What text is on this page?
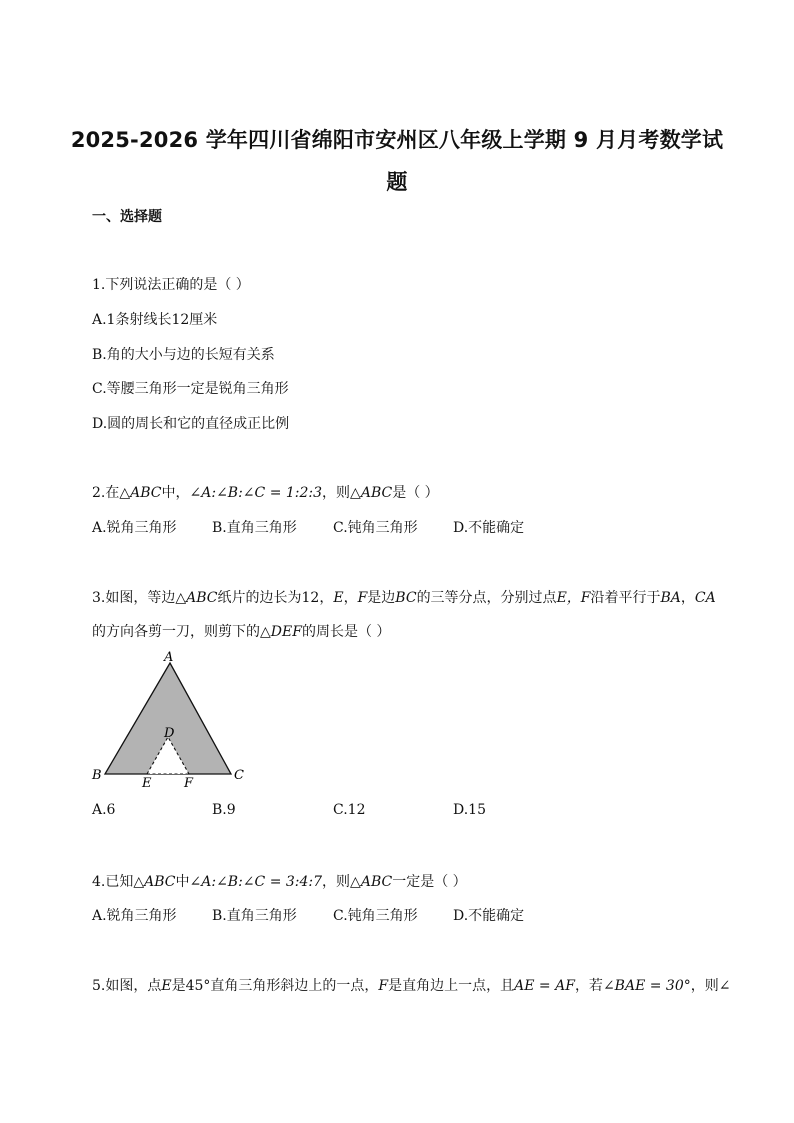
2025-2026 学年四川省绵阳市安州区八年级上学期 9 月月考数学试
题
一、选择题
1.下列说法正确的是（ ）
A.1条射线长12厘米
B.角的大小与边的长短有关系
C.等腰三角形一定是锐角三角形
D.圆的周长和它的直径成正比例
2.在△ABC中，∠A:∠B:∠C = 1:2:3，则△ABC是（ ）
A.锐角三角形	B.直角三角形	C.钝角三角形	D.不能确定
3.如图，等边△ABC纸片的边长为12，E，F是边BC的三等分点，分别过点E，F沿着平行于BA，CA
的方向各剪一刀，则剪下的△DEF的周长是（ ）
A
B	C
D
E	F
A.6	B.9	C.12	D.15
4.已知△ABC中∠A:∠B:∠C = 3:4:7，则△ABC一定是（ ）
A.锐角三角形	B.直角三角形	C.钝角三角形	D.不能确定
5.如图，点E是45°直角三角形斜边上的一点，F是直角边上一点，且AE = AF，若∠BAE = 30°，则∠
